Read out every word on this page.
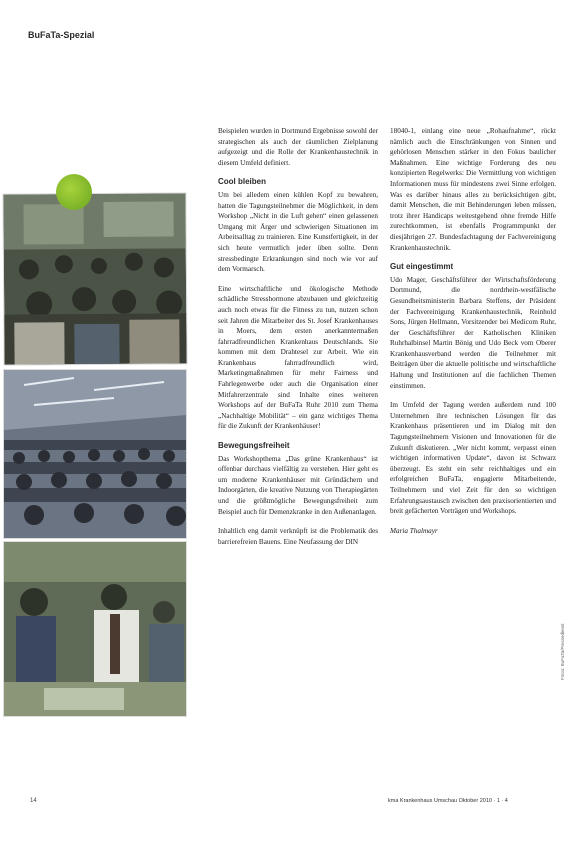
BuFaTa-Spezial

Beispielen wurden in Dortmund Ergebnisse sowohl der strategischen als auch der räumlichen Zielplanung aufgezeigt und die Rolle der Krankenhaustechnik in diesem Umfeld definiert.

Cool bleiben

Um bei alledem einen kühlen Kopf zu bewahren, hatten die Tagungsteilnehmer die Möglichkeit, in dem Workshop „Nicht in die Luft gehen“ einen gelassenen Umgang mit Ärger und schwierigen Situationen im Arbeitsalltag zu trainieren. Eine Kunstfertigkeit, in der sich heute vermutlich jeder üben sollte. Denn stressbedingte Erkrankungen sind noch wie vor auf dem Vormarsch.

Eine wirtschaftliche und ökologische Methode schädliche Stresshormone abzubauen und gleichzeitig auch noch etwas für die Fitness zu tun, nutzen schon seit Jahren die Mitarbeiter des St. Josef Krankenhauses in Moers, dem ersten anerkanntermaßen fahrradfreundlichen Krankenhaus Deutschlands. Sie kommen mit dem Drahtesel zur Arbeit. Wie ein Krankenhaus fahrradfreundlich wird, Marketingmaßnahmen für mehr Fairness und Fahrlegenwerbe oder auch die Organisation einer Mitfahrerzentrale sind Inhalte eines weiteren Workshops auf der BuFaTa Ruhr 2010 zum Thema „Nachhaltige Mobilität“ – ein ganz wichtiges Thema für die Zukunft der Krankenhäuser!

Bewegungsfreiheit

Das Workshopthema „Das grüne Krankenhaus“ ist offenbar durchaus vielfältig zu verstehen. Hier geht es um moderne Krankenhäuser mit Gründächern und Indoorgärten, die kreative Nutzung von Therapiegärten und die größtmögliche Bewegungsfreiheit zum Beispiel auch für Demenzkranke in den Außenanlagen.

Inhaltlich eng damit verknüpft ist die Problematik des barrierefreien Bauens. Eine Neufassung der DIN

18040-1, einlang eine neue „Rohaufnahme“, rückt nämlich auch die Einschränkungen von Sinnen und gehörlosen Menschen stärker in den Fokus baulicher Maßnahmen. Eine wichtige Forderung des neu konzipierten Regelwerks: Die Vermittlung von wichtigen Informationen muss für mindestens zwei Sinne erfolgen. Was es darüber hinaus alles zu berücksichtigen gibt, damit Menschen, die mit Behinderungen leben müssen, trotz ihrer Handicaps weitestgehend ohne fremde Hilfe zurechtkommen, ist ebenfalls Programmpunkt der diesjährigen 27. Bundesfachtagung der Fachvereinigung Krankenhaustechnik.

Gut eingestimmt

Udo Mager, Geschäftsführer der Wirtschaftsförderung Dortmund, die nordrhein-westfälische Gesundheitsministerin Barbara Steffens, der Präsident der Fachvereinigung Krankenhaustechnik, Reinhold Sons, Jürgen Hellmann, Vorsitzender bei Medicom Ruhr, der Geschäftsführer der Katholischen Kliniken Ruhrhalbinsel Martin Bönig und Udo Beck vom Oberer Krankenhausverband werden die Teilnehmer mit Beiträgen über die aktuelle politische und wirtschaftliche Haltung und Institutionen auf die fachlichen Themen einstimmen.

Im Umfeld der Tagung werden außerdem rund 100 Unternehmen ihre technischen Lösungen für das Krankenhaus präsentieren und im Dialog mit den Tagungsteilnehmern Visionen und Innovationen für die Zukunft diskutieren. „Wer nicht kommt, verpasst einen wichtigen informativen Update“, davon ist Schwarz überzeugt. Es steht ein sehr reichhaltiges und ein erfolgreichen BuFaTa, engagierte Mitarbeitende, Teilnehmern und viel Zeit für den so wichtigen Erfahrungsaustausch zwischen den praxisorientierten und breit gefächerten Vorträgen und Workshops.

Maria Thalmayr

14	kma Krankenhaus Umschau Oktober 2010 · 1 · 4
Fotos: BuFaTa/Pressedienst
